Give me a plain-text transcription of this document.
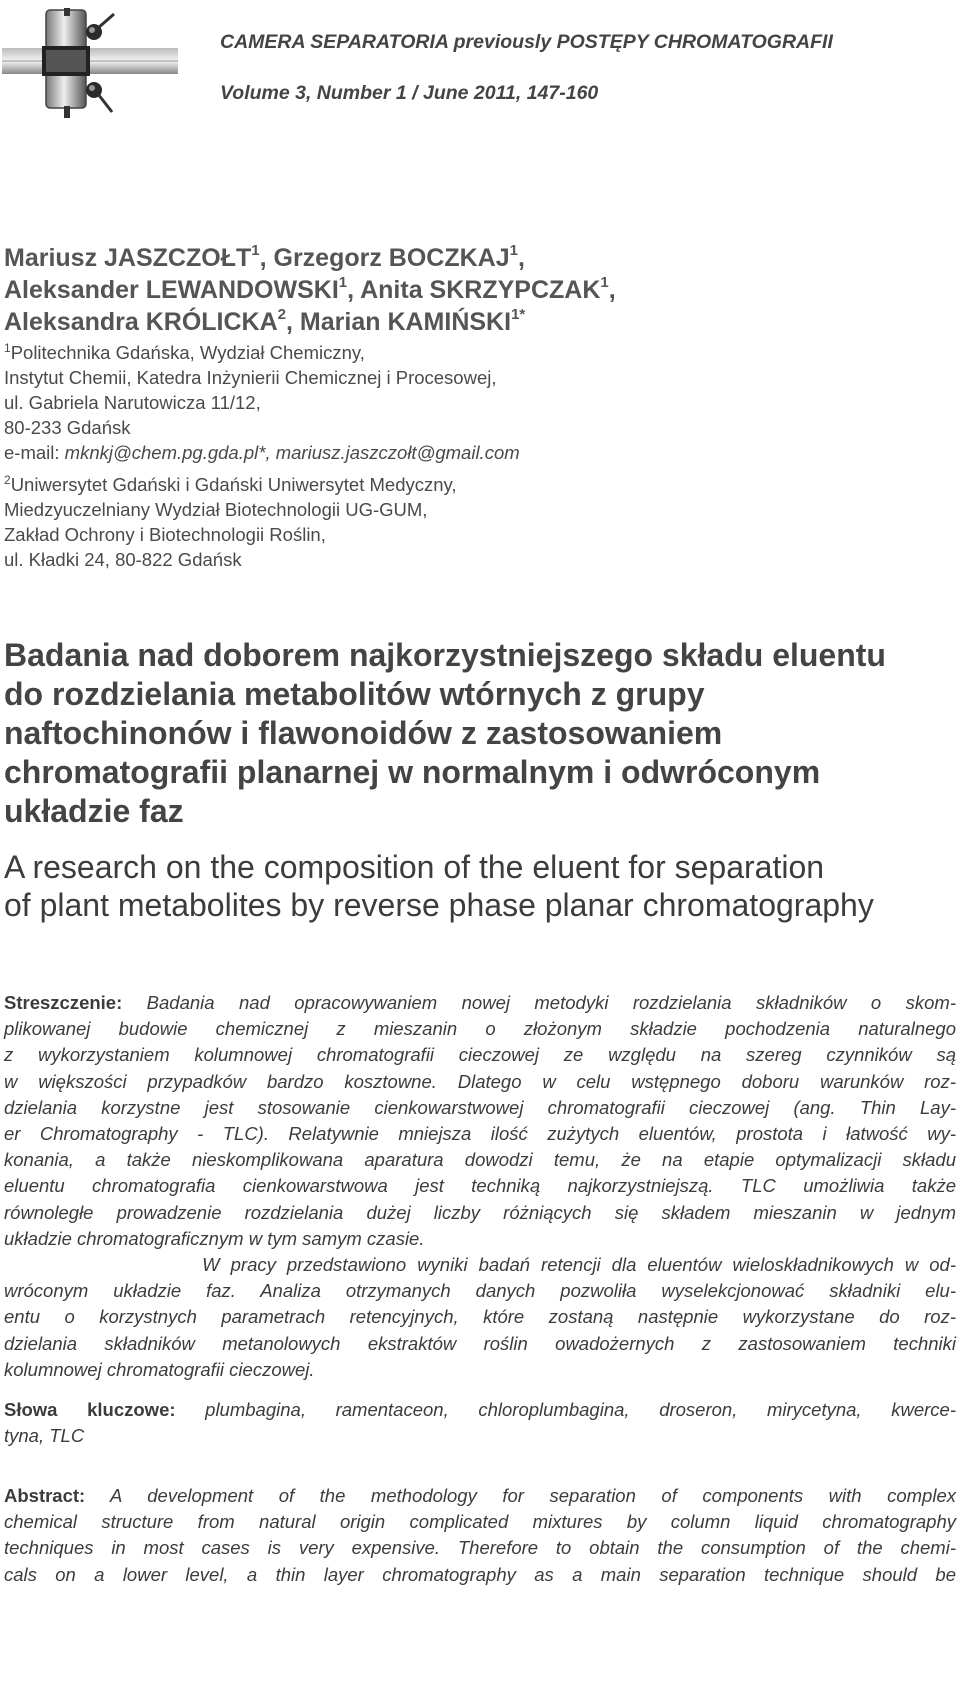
CAMERA SEPARATORIA previously POSTĘPY CHROMATOGRAFII
Volume 3, Number 1 / June 2011, 147-160
Mariusz JASZCZOŁT$^1$, Grzegorz BOCZKAJ$^1$,
Aleksander LEWANDOWSKI$^1$, Anita SKRZYPCZAK$^1$,
Aleksandra KRÓLICKA$^2$, Marian $KAMIŃSKI^{1*}$
$^1$Politechnika Gdańska, Wydział Chemiczny,
Instytut Chemii, Katedra Inżynierii Chemicznej i Procesowej,
ul. Gabriela Narutowicza 11/12,
80-233 Gdańsk
e-mail: mknkj@chem.pg.gda.pl*, mariusz.jaszczołt@gmail.com
$^2$Uniwersytet Gdański i Gdański Uniwersytet Medyczny,
Miedzyuczelniany Wydział Biotechnologii UG-GUM,
Zakład Ochrony i Biotechnologii Roślin,
ul. Kładki 24, 80-822 Gdańsk
Badania nad doborem najkorzystniejszego składu eluentu
do rozdzielania metabolitów wtórnych z grupy
naftochinonów i flawonoidów z zastosowaniem
chromatografii planarnej w normalnym i odwróconym
układzie faz
A research on the composition of the eluent for separation
of plant metabolites by reverse phase planar chromatography
Streszczenie: Badania nad opracowywaniem nowej metodyki rozdzielania składników o skom-
plikowanej budowie chemicznej z mieszanin o złożonym składzie pochodzenia naturalnego
z wykorzystaniem kolumnowej chromatografii cieczowej ze względu na szereg czynników są
w większości przypadków bardzo kosztowne. Dlatego w celu wstępnego doboru warunków roz-
dzielania korzystne jest stosowanie cienkowarstwowej chromatografii cieczowej (ang. Thin Lay-
er Chromatography - TLC). Relatywnie mniejsza ilość zużytych eluentów, prostota i łatwość wy-
konania, a także nieskomplikowana aparatura dowodzi temu, że na etapie optymalizacji składu
eluentu chromatografia cienkowarstwowa jest techniką najkorzystniejszą. TLC umożliwia także
równoległe prowadzenie rozdzielania dużej liczby różniących się składem mieszanin w jednym
układzie chromatograficznym w tym samym czasie.
W pracy przedstawiono wyniki badań retencji dla eluentów wieloskładnikowych w od-
wróconym układzie faz. Analiza otrzymanych danych pozwoliła wyselekcjonować składniki elu-
entu o korzystnych parametrach retencyjnych, które zostaną następnie wykorzystane do roz-
dzielania składników metanolowych ekstraktów roślin owadożernych z zastosowaniem techniki
kolumnowej chromatografii cieczowej.
Słowa kluczowe: plumbagina, ramentaceon, chloroplumbagina, droseron, mirycetyna, kwerce-
tyna, TLC
Abstract: A development of the methodology for separation of components with complex
chemical structure from natural origin complicated mixtures by column liquid chromatography
techniques in most cases is very expensive. Therefore to obtain the consumption of the chemi-
cals on a lower level, a thin layer chromatography as a main separation technique should be
